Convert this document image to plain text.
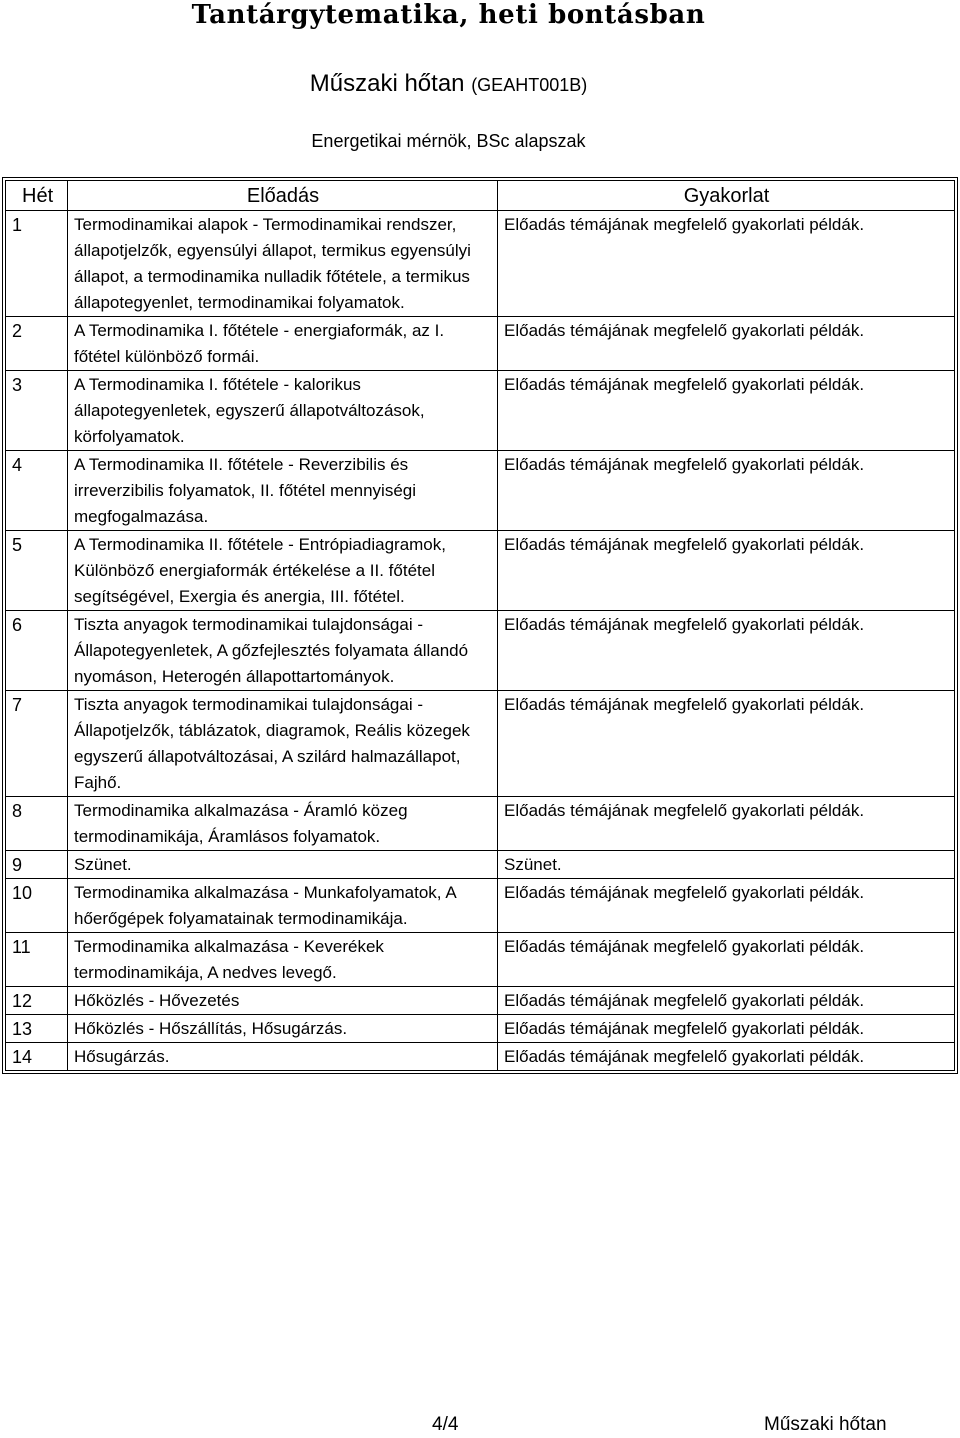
Tantárgytematika, heti bontásban
Műszaki hőtan (GEAHT001B)
Energetikai mérnök, BSc alapszak
Hét	Előadás	Gyakorlat
1	Termodinamikai alapok - Termodinamikai rendszer, állapotjelzők, egyensúlyi állapot, termikus egyensúlyi állapot, a termodinamika nulladik főtétele, a termikus állapotegyenlet, termodinamikai folyamatok.	Előadás témájának megfelelő gyakorlati példák.
2	A Termodinamika I. főtétele - energiaformák, az I. főtétel különböző formái.	Előadás témájának megfelelő gyakorlati példák.
3	A Termodinamika I. főtétele - kalorikus állapotegyenletek, egyszerű állapotváltozások, körfolyamatok.	Előadás témájának megfelelő gyakorlati példák.
4	A Termodinamika II. főtétele - Reverzibilis és irreverzibilis folyamatok, II. főtétel mennyiségi megfogalmazása.	Előadás témájának megfelelő gyakorlati példák.
5	A Termodinamika II. főtétele - Entrópiadiagramok, Különböző energiaformák értékelése a II. főtétel segítségével, Exergia és anergia, III. főtétel.	Előadás témájának megfelelő gyakorlati példák.
6	Tiszta anyagok termodinamikai tulajdonságai - Állapotegyenletek, A gőzfejlesztés folyamata állandó nyomáson, Heterogén állapottartományok.	Előadás témájának megfelelő gyakorlati példák.
7	Tiszta anyagok termodinamikai tulajdonságai - Állapotjelzők, táblázatok, diagramok, Reális közegek egyszerű állapotváltozásai, A szilárd halmazállapot, Fajhő.	Előadás témájának megfelelő gyakorlati példák.
8	Termodinamika alkalmazása - Áramló közeg termodinamikája, Áramlásos folyamatok.	Előadás témájának megfelelő gyakorlati példák.
9	Szünet.	Szünet.
10	Termodinamika alkalmazása - Munkafolyamatok, A hőerőgépek folyamatainak termodinamikája.	Előadás témájának megfelelő gyakorlati példák.
11	Termodinamika alkalmazása - Keverékek termodinamikája, A nedves levegő.	Előadás témájának megfelelő gyakorlati példák.
12	Hőközlés - Hővezetés	Előadás témájának megfelelő gyakorlati példák.
13	Hőközlés - Hőszállítás, Hősugárzás.	Előadás témájának megfelelő gyakorlati példák.
14	Hősugárzás.	Előadás témájának megfelelő gyakorlati példák.
4/4	Műszaki hőtan
